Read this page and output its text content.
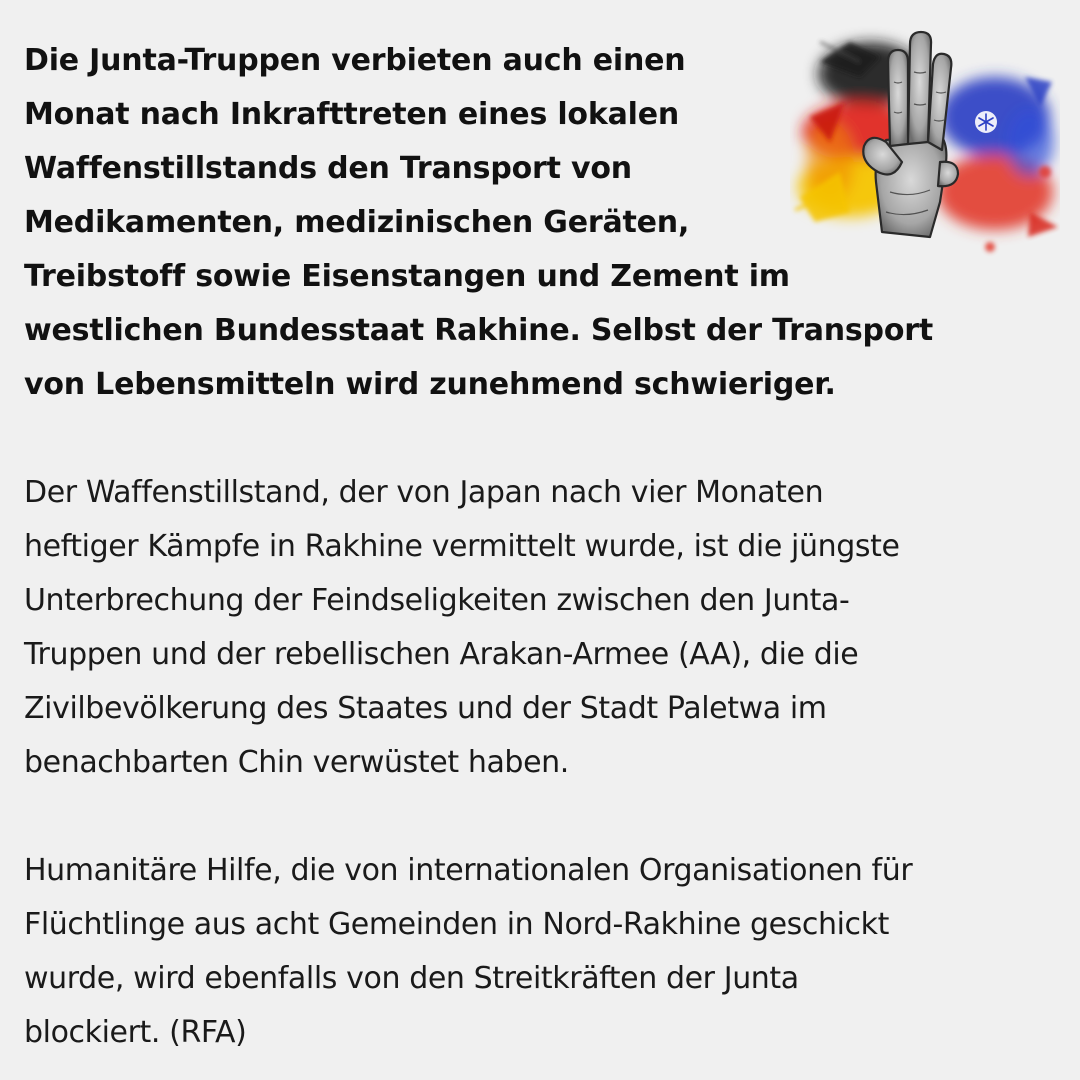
Die Junta-Truppen verbieten auch einen
Monat nach Inkrafttreten eines lokalen
Waffenstillstands den Transport von
Medikamenten, medizinischen Geräten,
Treibstoff sowie Eisenstangen und Zement im
westlichen Bundesstaat Rakhine. Selbst der Transport
von Lebensmitteln wird zunehmend schwieriger.

Der Waffenstillstand, der von Japan nach vier Monaten
heftiger Kämpfe in Rakhine vermittelt wurde, ist die jüngste
Unterbrechung der Feindseligkeiten zwischen den Junta-
Truppen und der rebellischen Arakan-Armee (AA), die die
Zivilbevölkerung des Staates und der Stadt Paletwa im
benachbarten Chin verwüstet haben.

Humanitäre Hilfe, die von internationalen Organisationen für
Flüchtlinge aus acht Gemeinden in Nord-Rakhine geschickt
wurde, wird ebenfalls von den Streitkräften der Junta
blockiert. (RFA)
